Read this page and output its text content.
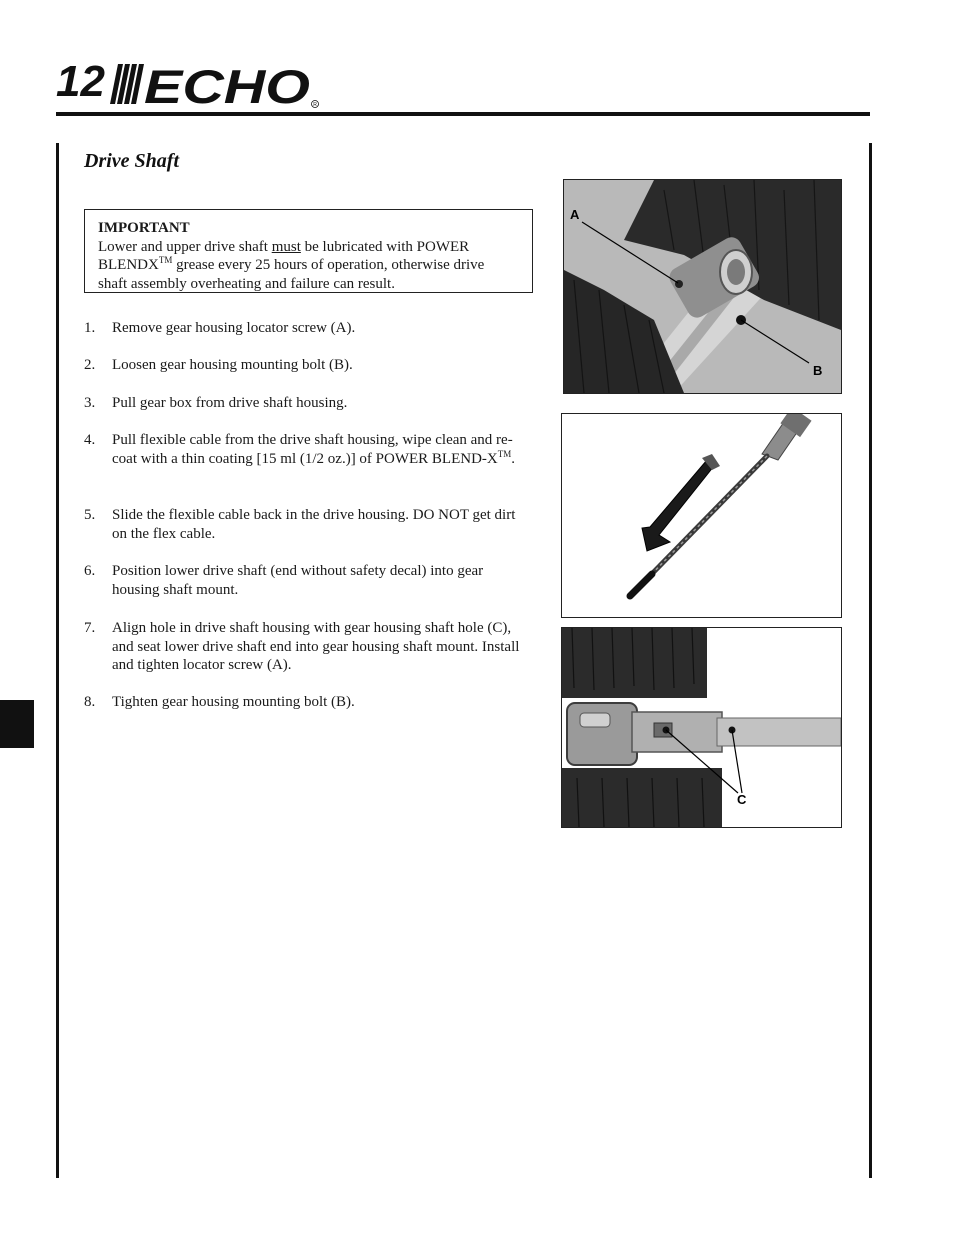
12 ECHO R
Drive Shaft
IMPORTANT
Lower and upper drive shaft must be lubricated with POWER
BLENDX™ grease every 25 hours of operation, otherwise drive
shaft assembly overheating and failure can result.
1. Remove gear housing locator screw (A).
2. Loosen gear housing mounting bolt (B).
3. Pull gear box from drive shaft housing.
4. Pull flexible cable from the drive shaft housing, wipe clean and re-coat with a thin coating [15 ml (1/2 oz.)] of POWER BLEND-X™.
5. Slide the flexible cable back in the drive housing. DO NOT get dirt on the flex cable.
6. Position lower drive shaft (end without safety decal) into gear housing shaft mount.
7. Align hole in drive shaft housing with gear housing shaft hole (C), and seat lower drive shaft end into gear housing shaft mount. Install and tighten locator screw (A).
8. Tighten gear housing mounting bolt (B).
A
B
C
